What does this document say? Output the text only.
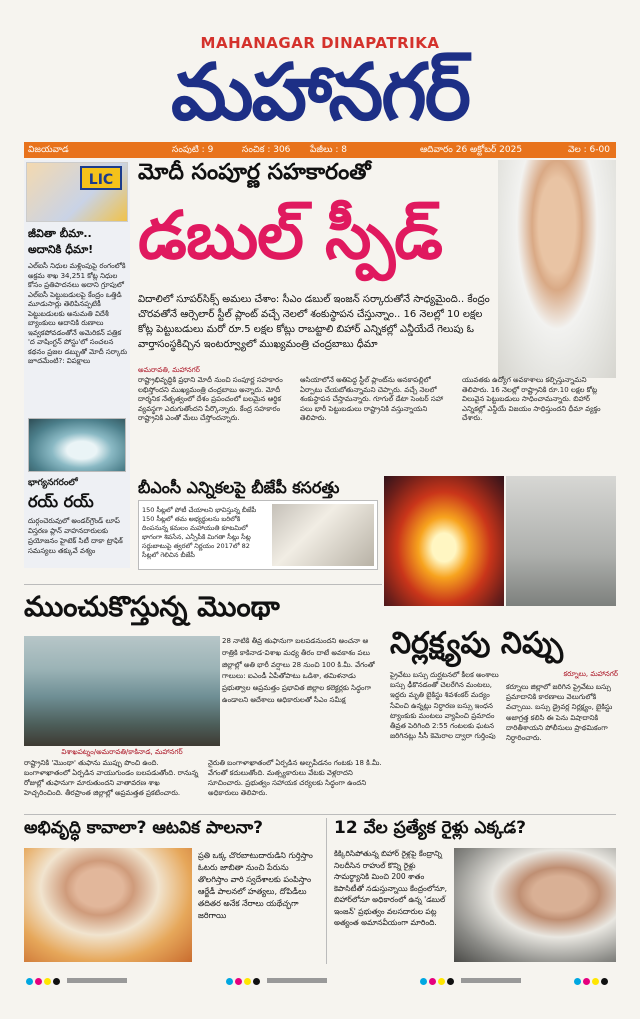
MAHANAGAR DINAPATRIKA
మహానగర్
విజయవాడ	సంపుటి : 9	సంచిక : 306 పేజీలు : 8	ఆదివారం 26 అక్టోబర్ 2025	వెల : 6-00
LIC
జీవితా బీమా.. అదానికి ధీమా!
ఎల్ఐసీ నిధుల మళ్లింపుపై రంగంలోకి అక్రమ శాఖ 34,251 కోట్ల నిధుల కోసం ప్రతిపాదనలు అదాని గ్రూపులో ఎల్ఐసీ పెట్టుబడులపై కేంద్రం ఒత్తిడి మూడుసార్లు తెలిపినప్పటికీ పెట్టుబడులకు అనుమతి విదేశీ బ్యాంకులు అదానికి రుణాలు ఇవ్వకపోవడంతోనే అమెరికన్ పత్రిక 'ద వాషింగ్టన్ పోస్టు'లో సంచలన కథనం ప్రజల డబ్బుతో మోదీ సర్కారు జూదమేంటి?: విపక్షాలు
భాగ్యనగరంలో
రయ్ రయ్
దుర్గంచెరువులో అండర్‌గ్రౌండ్ లూప్ విస్తరణ ప్లాన్ వాహనదారులకు ప్రయోజనం హైటెక్ సిటీ దాకా ట్రాఫిక్ సమస్యలు తక్కువే వశ్యం
మోదీ సంపూర్ణ సహకారంతో
డబుల్ స్పీడ్
విదాలిలో సూపర్‌సిక్స్ అమలు చేశాం: సీఎం డబుల్ ఇంజన్ సర్కారుతోనే సాధ్యమైంది.. కేంద్రం చొరవతోనే ఆర్సెలార్ స్టీల్ ప్లాంట్ వచ్చే నెలలో శంకుస్థాపన చేస్తున్నాం.. 16 నెలల్లో 10 లక్షల కోట్ల పెట్టుబడులు మరో రూ.5 లక్షల కోట్లు రాబట్టాలి బిహార్ ఎన్నికల్లో ఎన్డీయేదే గెలుపు ఓ వార్తాసంస్థకిచ్చిన ఇంటర్వ్యూలో ముఖ్యమంత్రి చంద్రబాబు ధీమా
రాష్ట్రాభివృద్ధికి ప్రధాని మోదీ నుంచి సంపూర్ణ సహకారం లభిస్తోందని ముఖ్యమంత్రి చంద్రబాబు అన్నారు. మోదీ దార్శనిక నేతృత్వంలో దేశం ప్రపంచంలో బలమైన ఆర్థిక వ్యవస్థగా ఎదుగుతోందని పేర్కొన్నారు. కేంద్ర సహకారం రాష్ట్రానికి ఎంతో మేలు చేస్తోందన్నారు.
ఆసియాలోనే అతిపెద్ద స్టీల్ ప్లాంట్‌ను అనకాపల్లిలో ఏర్పాటు చేయబోతున్నామని చెప్పారు. వచ్చే నెలలో శంకుస్థాపన చేస్తామన్నారు. గూగుల్ డేటా సెంటర్ సహా పలు భారీ పెట్టుబడులు రాష్ట్రానికి వస్తున్నాయని తెలిపారు.
యువతకు ఉద్యోగ అవకాశాలు కల్పిస్తున్నామని తెలిపారు. 16 నెలల్లో రాష్ట్రానికి రూ.10 లక్షల కోట్ల విలువైన పెట్టుబడులు సాధించామన్నారు. బిహార్ ఎన్నికల్లో ఎన్డీయే విజయం సాధిస్తుందని ధీమా వ్యక్తం చేశారు.
అమరావతి, మహానగర్
బీఎంసీ ఎన్నికలపై బీజేపీ కసరత్తు
150 సీట్లలో పోటీ చేయాలని భావిస్తున్న బీజేపీ 150 సీట్లలో తమ అభ్యర్థులను బరిలోకి దింపనున్న కమలం మహాయుతి కూటమిలో భాగంగా శివసేన, ఎన్సీపీకి మిగతా సీట్లు సీట్ల సర్దుబాటుపై త్వరలో నిర్ణయం 2017లో 82 సీట్లలో గెలిచిన బీజేపీ
ముంచుకొస్తున్న మొంథా
విశాఖపట్నం/అమరావతి/కాకినాడ, మహానగర్
28 నాటికి తీవ్ర తుఫానుగా బలపడనుందని అంచనా ఆ రాత్రికి కాకినాడ-విశాఖ మధ్య తీరం దాటే అవకాశం పలు జిల్లాల్లో అతి భారీ వర్షాలు 28 నుంచి 100 కి.మీ. వేగంతో గాలులు: ఐఎండీ ఏపీతోపాటు ఒడిశా, తమిళనాడు ప్రభుత్వాల అప్రమత్తం ప్రభావిత జిల్లాల కలెక్టర్లకు సిద్ధంగా ఉండాలని ఆదేశాలు అధికారులతో సీఎం సమీక్ష
రాష్ట్రానికి 'మొంథా' తుఫాను ముప్పు పొంచి ఉంది. బంగాళాఖాతంలో ఏర్పడిన వాయుగుండం బలపడుతోంది. రానున్న రోజుల్లో తుఫానుగా మారుతుందని వాతావరణ శాఖ హెచ్చరించింది. తీరప్రాంత జిల్లాల్లో అప్రమత్తత ప్రకటించారు.
నైరుతి బంగాళాఖాతంలో ఏర్పడిన అల్పపీడనం గంటకు 18 కి.మీ. వేగంతో కదులుతోంది. మత్స్యకారులు వేటకు వెళ్లరాదని సూచించారు. ప్రభుత్వం సహాయక చర్యలకు సిద్ధంగా ఉందని అధికారులు తెలిపారు.
నిర్లక్ష్యపు నిప్పు
ప్రైవేటు బస్సు దుర్ఘటనలో కీలక అంశాలు బస్సు ఢీకొనడంతో చెలరేగిన మంటలు, ఇద్దరు మృతి బైకిస్టు శివశంకర్ మద్యం సేవించి ఉన్నట్లు నిర్ధారణ బస్సు ఇంధన ట్యాంకుకు మంటలు వ్యాపించి ప్రమాదం తీవ్రత పెరిగింది 2:55 గంటలకు ఘటన జరిగినట్లు సీసీ కెమెరాల ద్వారా గుర్తింపు
కర్నూలు జిల్లాలో జరిగిన ప్రైవేటు బస్సు ప్రమాదానికి కారణాలు వెలుగులోకి వచ్చాయి. బస్సు డ్రైవర్ల నిర్లక్ష్యం, బైకిస్టు అజాగ్రత్త కలిసి ఈ పెను విషాదానికి దారితీశాయని పోలీసులు ప్రాథమికంగా నిర్ధారించారు.
కర్నూలు, మహానగర్
అభివృద్ధి కావాలా? ఆటవిక పాలనా?
ప్రతి ఒక్క చొరబాటుదారుడిని గుర్తిస్తాం ఓటరు జాబితా నుంచి పేరును తొలగిస్తాం వారి స్వదేశాలకు పంపిస్తాం ఆర్జేడీ పాలనలో హత్యలు, దోపిడీలు తదితర అనేక నేరాలు యథేచ్ఛగా జరిగాయి
12 వేల ప్రత్యేక రైళ్లు ఎక్కడ?
కిక్కిరిసిపోతున్న బిహార్ రైళ్లపై కేంద్రాన్ని నిలదీసిన రాహుల్ కొన్ని రైళ్లు సామర్థ్యానికి మించి 200 శాతం కెపాసిటీతో నడుస్తున్నాయి కేంద్రంలోనూ, బిహార్‌లోనూ అధికారంలో ఉన్న 'డబుల్ ఇంజన్' ప్రభుత్వం వలసదారుల పట్ల అత్యంత అమానవీయంగా మారింది.
